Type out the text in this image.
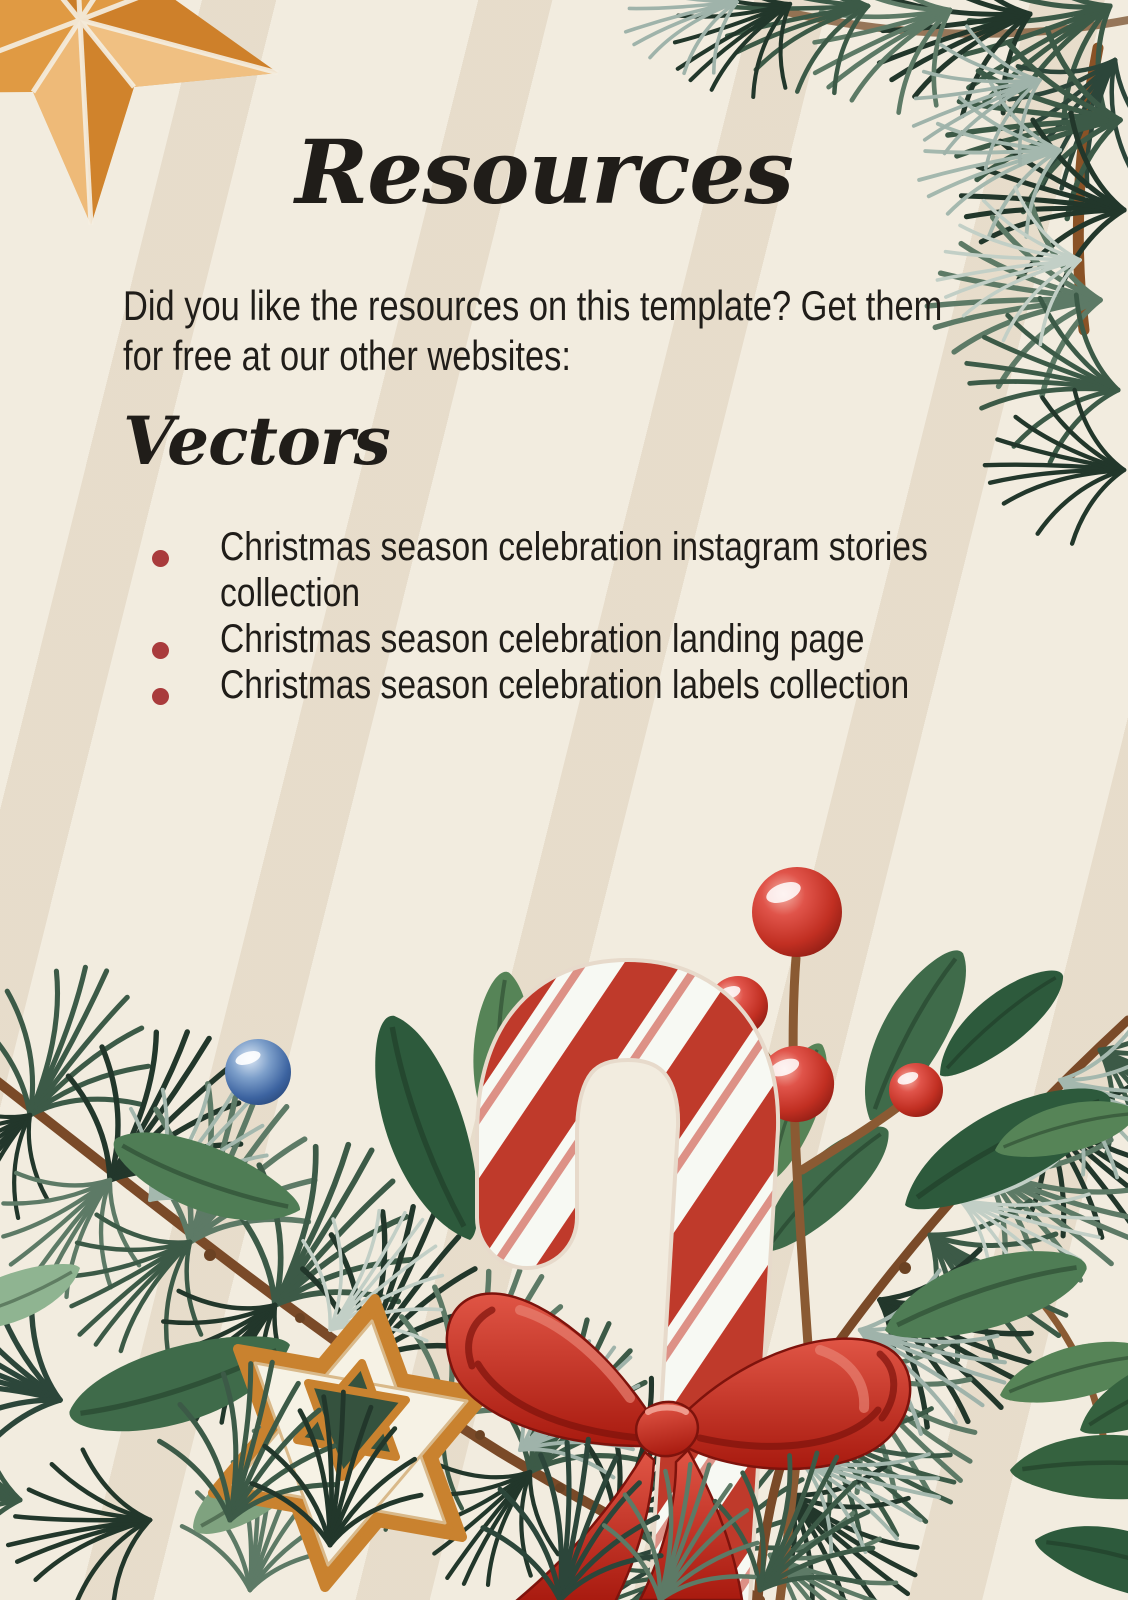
Resources
Did you like the resources on this template? Get them
for free at our other websites:
Vectors
Christmas season celebration instagram stories collection
Christmas season celebration landing page
Christmas season celebration labels collection
